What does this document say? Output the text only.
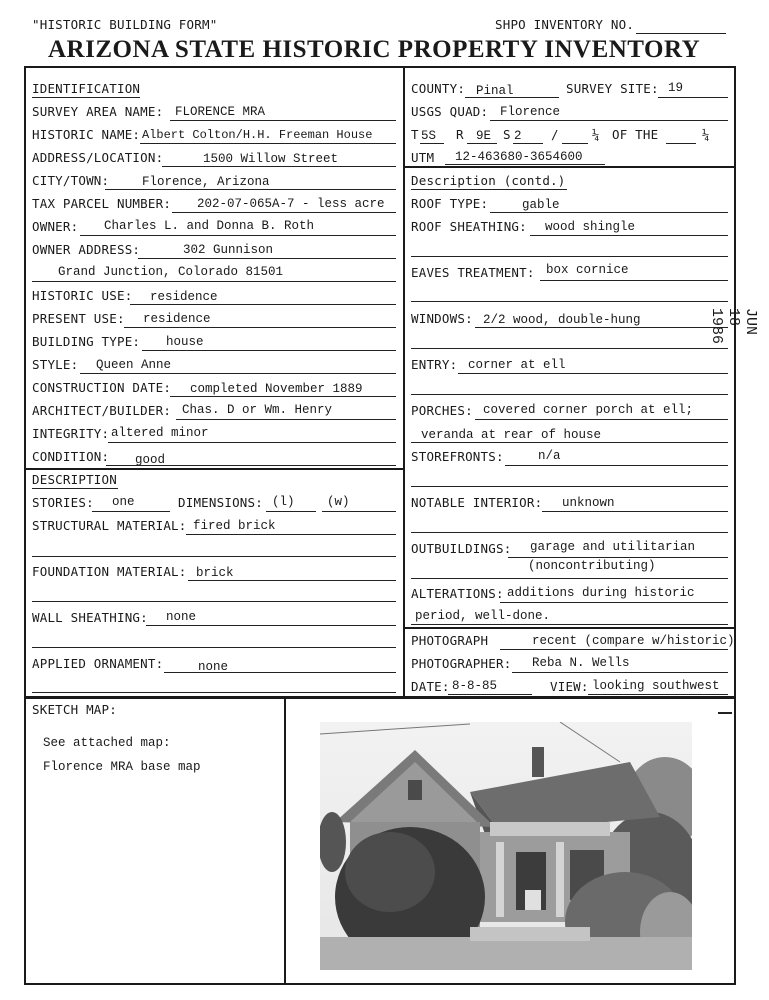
"HISTORIC BUILDING FORM"	SHPO INVENTORY NO.
ARIZONA STATE HISTORIC PROPERTY INVENTORY
IDENTIFICATION
SURVEY AREA NAME: FLORENCE MRA
HISTORIC NAME: Albert Colton/H.H. Freeman House
ADDRESS/LOCATION:	1500 Willow Street
CITY/TOWN:	Florence, Arizona
TAX PARCEL NUMBER: 202-07-065A-7 - less acre
OWNER: Charles L. and Donna B. Roth
OWNER ADDRESS:	302 Gunnison
Grand Junction, Colorado 81501
HISTORIC USE: residence
PRESENT USE: residence
BUILDING TYPE: house
STYLE: Queen Anne
CONSTRUCTION DATE: completed November 1889
ARCHITECT/BUILDER: Chas. D or Wm. Henry
INTEGRITY: altered minor
CONDITION: good
COUNTY: Pinal	SURVEY SITE: 19
USGS QUAD: Florence
T 5S R 9E S 2 /	¼ OF THE	¼
UTM 12-463680-3654600
Description (contd.)
ROOF TYPE:	gable
ROOF SHEATHING: wood shingle
EAVES TREATMENT: box cornice
WINDOWS: 2/2 wood, double-hung
ENTRY: corner at ell
PORCHES: covered corner porch at ell;
veranda at rear of house
STOREFRONTS:	n/a
NOTABLE INTERIOR: unknown
OUTBUILDINGS: garage and utilitarian
(noncontributing)
ALTERATIONS: additions during historic
period, well-done.
PHOTOGRAPH	recent (compare w/historic)
PHOTOGRAPHER: Reba N. Wells
DATE: 8-8-85	VIEW: looking southwest
DESCRIPTION
STORIES: one	DIMENSIONS: (l)	(w)
STRUCTURAL MATERIAL: fired brick
FOUNDATION MATERIAL: brick
WALL SHEATHING: none
APPLIED ORNAMENT:	none
SKETCH MAP:
See attached map:
Florence MRA base map
JUN 18 1986
